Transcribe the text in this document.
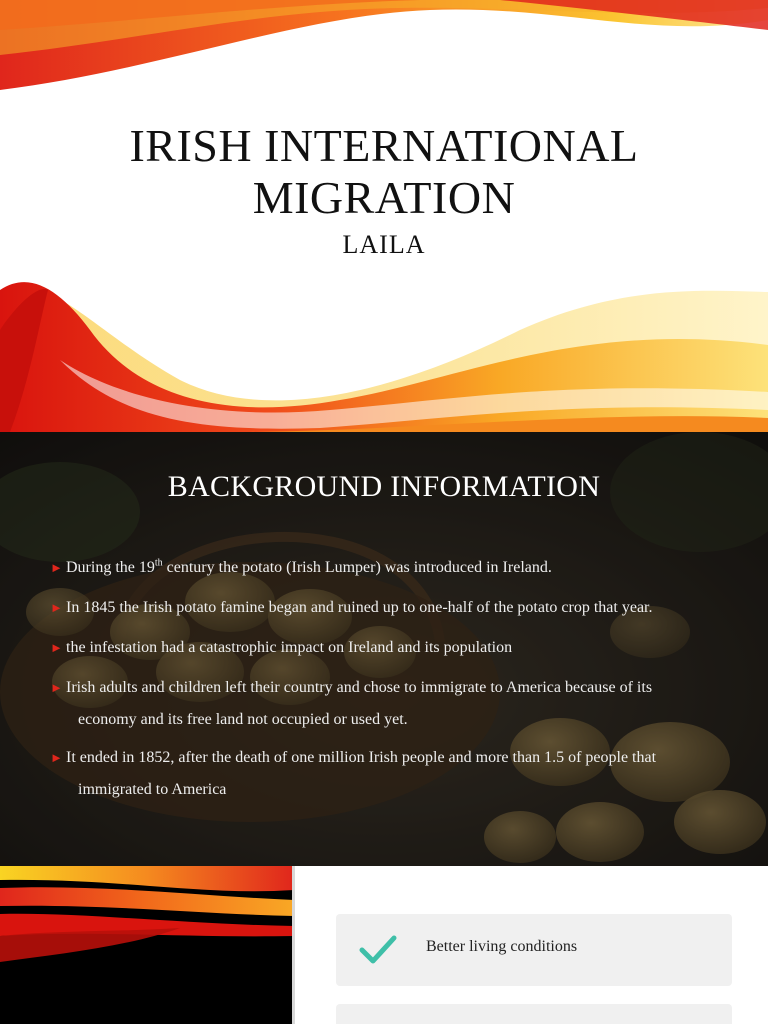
IRISH INTERNATIONAL
MIGRATION
LAILA
BACKGROUND INFORMATION
► During the 19th century the potato (Irish Lumper) was introduced in Ireland.
► In 1845 the Irish potato famine began and ruined up to one-half of the potato crop that year.
► the infestation had a catastrophic impact on Ireland and its population
► Irish adults and children left their country and chose to immigrate to America because of its
economy and its free land not occupied or used yet.
► It ended in 1852, after the death of one million Irish people and more than 1.5 of people that
immigrated to America
Better living conditions
